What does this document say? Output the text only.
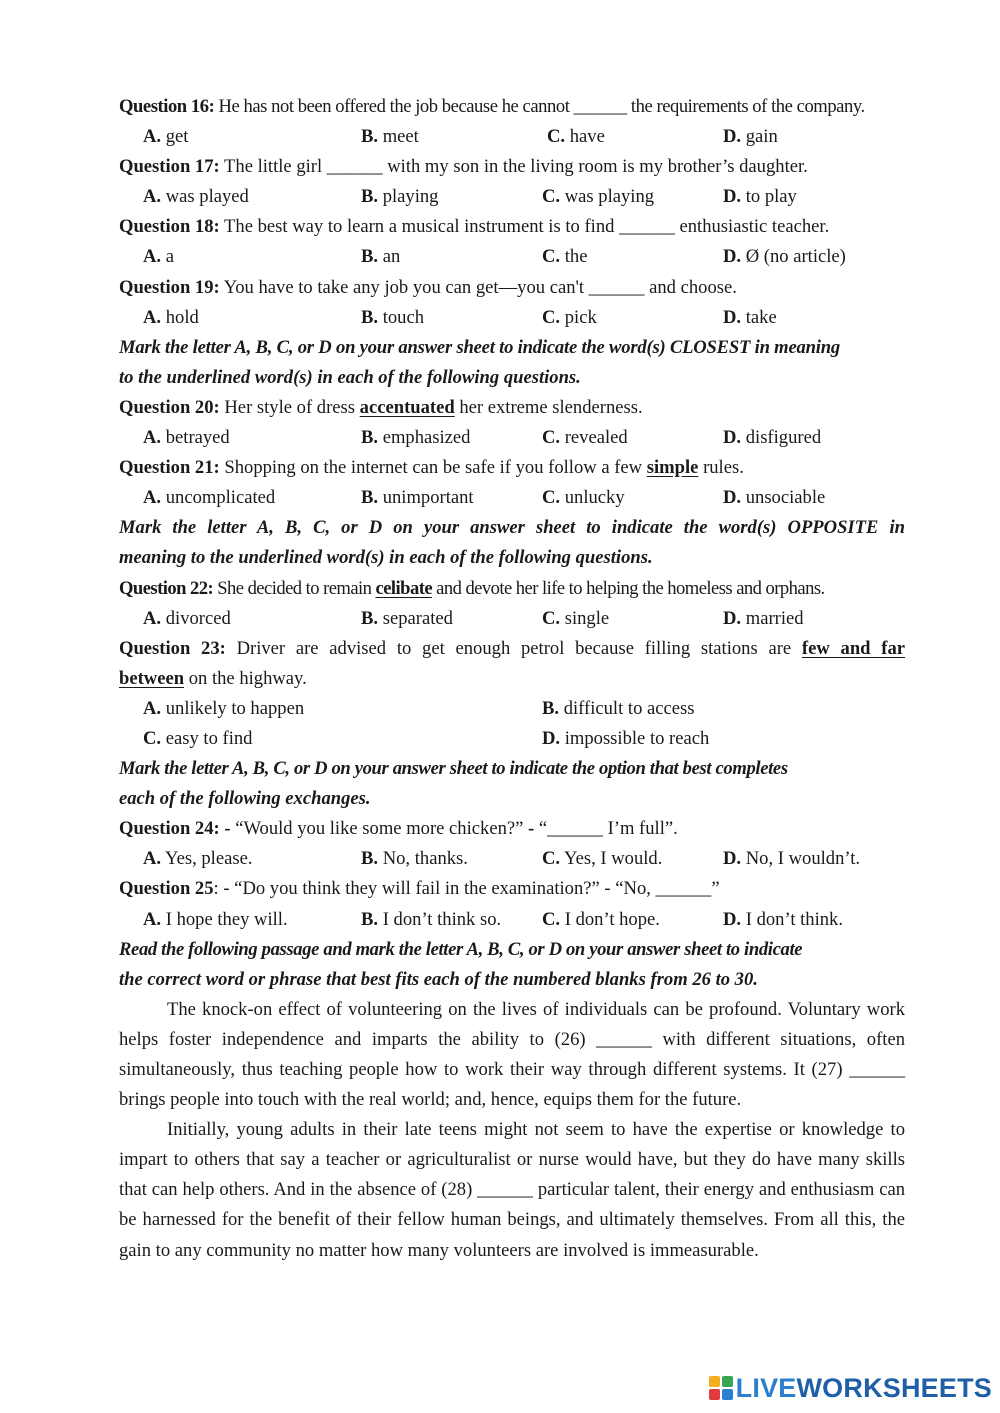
Question 16: He has not been offered the job because he cannot ______ the requirements of the company.
A. get	B. meet	C. have	D. gain
Question 17: The little girl ______ with my son in the living room is my brother’s daughter.
A. was played	B. playing	C. was playing	D. to play
Question 18: The best way to learn a musical instrument is to find ______ enthusiastic teacher.
A. a	B. an	C. the	D. Ø (no article)
Question 19: You have to take any job you can get—you can't ______ and choose.
A. hold	B. touch	C. pick	D. take
Mark the letter A, B, C, or D on your answer sheet to indicate the word(s) CLOSEST in meaning
to the underlined word(s) in each of the following questions.
Question 20: Her style of dress accentuated her extreme slenderness.
A. betrayed	B. emphasized	C. revealed	D. disfigured
Question 21: Shopping on the internet can be safe if you follow a few simple rules.
A. uncomplicated	B. unimportant	C. unlucky	D. unsociable
Mark the letter A, B, C, or D on your answer sheet to indicate the word(s) OPPOSITE in
meaning to the underlined word(s) in each of the following questions.
Question 22: She decided to remain celibate and devote her life to helping the homeless and orphans.
A. divorced	B. separated	C. single	D. married
Question 23: Driver are advised to get enough petrol because filling stations are few and far
between on the highway.
A. unlikely to happen	B. difficult to access
C. easy to find	D. impossible to reach
Mark the letter A, B, C, or D on your answer sheet to indicate the option that best completes
each of the following exchanges.
Question 24: - “Would you like some more chicken?” - “______ I’m full”.
A. Yes, please.	B. No, thanks.	C. Yes, I would.	D. No, I wouldn’t.
Question 25: - “Do you think they will fail in the examination?” - “No, ______”
A. I hope they will.	B. I don’t think so. C. I don’t hope.	D. I don’t think.
Read the following passage and mark the letter A, B, C, or D on your answer sheet to indicate
the correct word or phrase that best fits each of the numbered blanks from 26 to 30.

The knock-on effect of volunteering on the lives of individuals can be profound. Voluntary work helps foster independence and imparts the ability to (26) ______ with different situations, often simultaneously, thus teaching people how to work their way through different systems. It (27) ______ brings people into touch with the real world; and, hence, equips them for the future.

Initially, young adults in their late teens might not seem to have the expertise or knowledge to impart to others that say a teacher or agriculturalist or nurse would have, but they do have many skills that can help others. And in the absence of (28) ______ particular talent, their energy and enthusiasm can be harnessed for the benefit of their fellow human beings, and ultimately themselves. From all this, the gain to any community no matter how many volunteers are involved is immeasurable.

LIVEWORKSHEETS
